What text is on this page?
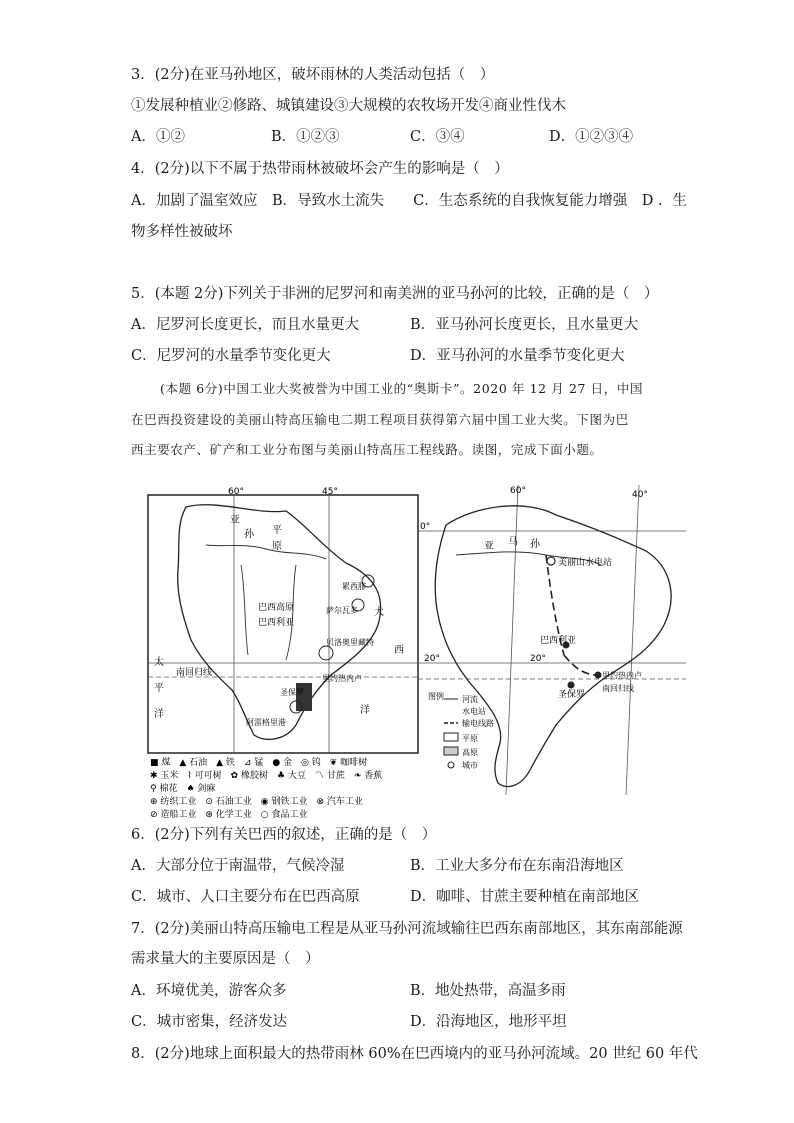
3．(2分)在亚马孙地区，破坏雨林的人类活动包括（　）
①发展种植业②修路、城镇建设③大规模的农牧场开发④商业性伐木
A．①②	B．①②③	C．③④	D．①②③④
4．(2分)以下不属于热带雨林被破坏会产生的影响是（　）
A．加剧了温室效应　B．导致水土流失　　C．生态系统的自我恢复能力增强　D ．生
物多样性被破坏
5．(本题 2分)下列关于非洲的尼罗河和南美洲的亚马孙河的比较，正确的是（　）
A．尼罗河长度更长，而且水量更大	B．亚马孙河长度更长，且水量更大
C．尼罗河的水量季节变化更大	D．亚马孙河的水量季节变化更大
(本题 6分)中国工业大奖被誉为中国工业的“奥斯卡”。2020 年 12 月 27 日，中国
在巴西投资建设的美丽山特高压输电二期工程项目获得第六届中国工业大奖。下图为巴
西主要农产、矿产和工业分布图与美丽山特高压工程线路。读图，完成下面小题。
60°	45°
20°
亚
孙 平
原
巴西高原
巴西利亚
累西腓
大
萨尔瓦多
贝洛奥里藏特
西
圣保罗
里约热内卢
南回归线
太
平
洋	洋
阿雷格里港
■ 煤　▲ 石油　▲ 铁　⊿ 锰　● 金　◎ 钨　❦ 咖啡树
✱ 玉米　⌇ 可可树　✿ 橡胶树　♣ 大豆　〽 甘蔗　❧ 香蕉
⚲ 棉花　♠ 剑麻
⊕ 纺织工业　⊙ 石油工业　◉ 钢铁工业　⊗ 汽车工业
⊘ 造船工业　⊛ 化学工业　○ 食品工业
60°	40°
0°
20°
亚 马 孙
美丽山水电站
巴西利亚
圣保罗
里约热内卢
南回归线
图例 河流
水电站
输电线路
平原
高原
城市
6．(2分)下列有关巴西的叙述，正确的是（　）
A．大部分位于南温带，气候冷湿	B．工业大多分布在东南沿海地区
C．城市、人口主要分布在巴西高原	D．咖啡、甘蔗主要种植在南部地区
7．(2分)美丽山特高压输电工程是从亚马孙河流域输往巴西东南部地区，其东南部能源
需求量大的主要原因是（　）
A．环境优美，游客众多	B．地处热带，高温多雨
C．城市密集，经济发达	D．沿海地区，地形平坦
8．(2分)地球上面积最大的热带雨林 60%在巴西境内的亚马孙河流域。20 世纪 60 年代
